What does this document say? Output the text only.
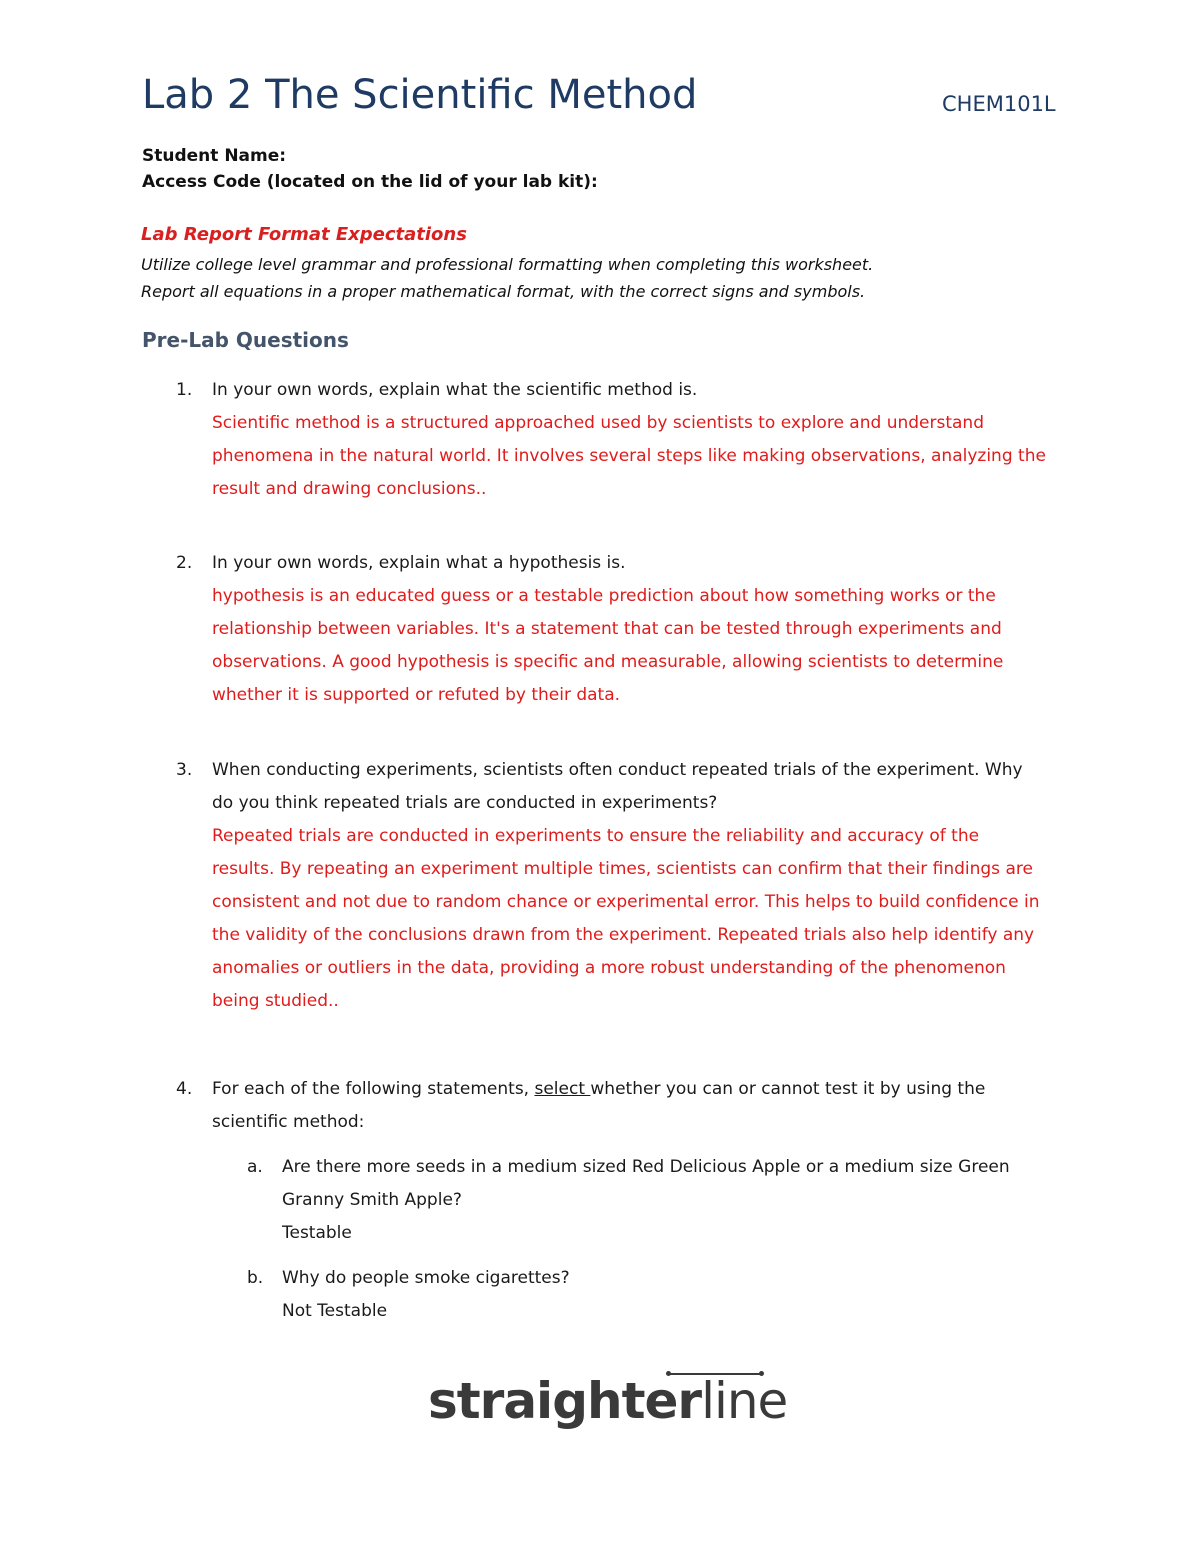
Lab 2 The Scientific Method	CHEM101L
Student Name:
Access Code (located on the lid of your lab kit):
Lab Report Format Expectations
Utilize college level grammar and professional formatting when completing this worksheet.
Report all equations in a proper mathematical format, with the correct signs and symbols.
Pre-Lab Questions
1. In your own words, explain what the scientific method is.
Scientific method is a structured approached used by scientists to explore and understand
phenomena in the natural world. It involves several steps like making observations, analyzing the
result and drawing conclusions..
2. In your own words, explain what a hypothesis is.
hypothesis is an educated guess or a testable prediction about how something works or the
relationship between variables. It's a statement that can be tested through experiments and
observations. A good hypothesis is specific and measurable, allowing scientists to determine
whether it is supported or refuted by their data.
3. When conducting experiments, scientists often conduct repeated trials of the experiment. Why
do you think repeated trials are conducted in experiments?
Repeated trials are conducted in experiments to ensure the reliability and accuracy of the
results. By repeating an experiment multiple times, scientists can confirm that their findings are
consistent and not due to random chance or experimental error. This helps to build confidence in
the validity of the conclusions drawn from the experiment. Repeated trials also help identify any
anomalies or outliers in the data, providing a more robust understanding of the phenomenon
being studied..
4. For each of the following statements, select whether you can or cannot test it by using the
scientific method:
a. Are there more seeds in a medium sized Red Delicious Apple or a medium size Green
Granny Smith Apple?
Testable
b. Why do people smoke cigarettes?
Not Testable
straighterline
